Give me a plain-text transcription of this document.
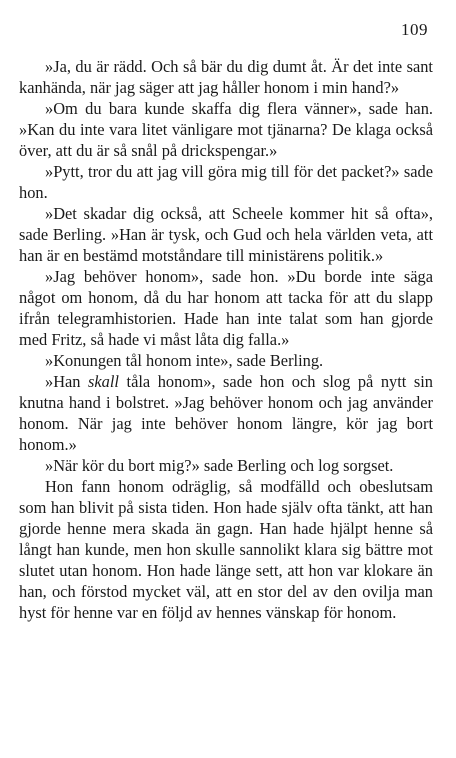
109

»Ja, du är rädd. Och så bär du dig dumt åt. Är det inte sant kanhända, när jag säger att jag håller honom i min hand?»

»Om du bara kunde skaffa dig flera vänner», sade han. »Kan du inte vara litet vänligare mot tjänarna? De klaga också över, att du är så snål på drickspengar.»

»Pytt, tror du att jag vill göra mig till för det packet?» sade hon.

»Det skadar dig också, att Scheele kommer hit så ofta», sade Berling. »Han är tysk, och Gud och hela världen veta, att han är en bestämd motståndare till ministärens politik.»

»Jag behöver honom», sade hon. »Du borde inte säga något om honom, då du har honom att tacka för att du slapp ifrån telegramhistorien. Hade han inte talat som han gjorde med Fritz, så hade vi måst låta dig falla.»

»Konungen tål honom inte», sade Berling.

»Han skall tåla honom», sade hon och slog på nytt sin knutna hand i bolstret. »Jag behöver honom och jag använder honom. När jag inte behöver honom längre, kör jag bort honom.»

»När kör du bort mig?» sade Berling och log sorgset.

Hon fann honom odräglig, så modfälld och obeslutsam som han blivit på sista tiden. Hon hade själv ofta tänkt, att han gjorde henne mera skada än gagn. Han hade hjälpt henne så långt han kunde, men hon skulle sannolikt klara sig bättre mot slutet utan honom. Hon hade länge sett, att hon var klokare än han, och förstod mycket väl, att en stor del av den ovilja man hyst för henne var en följd av hennes vänskap för honom.
